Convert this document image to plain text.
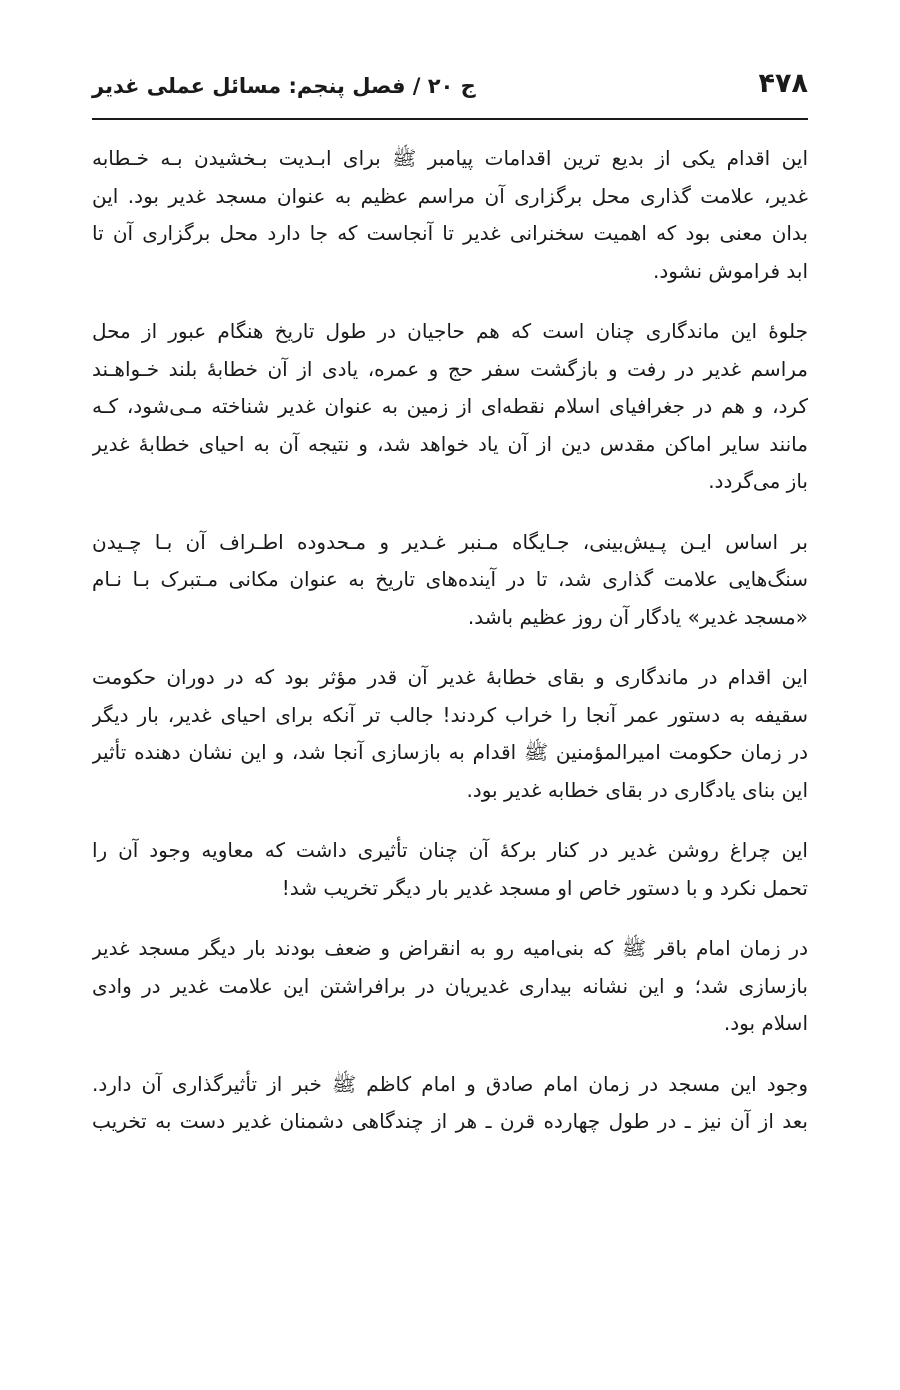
۴۷۸
ج ۲۰ / فصل پنجم: مسائل عملی غدیر
این اقدام یکی از بدیع ترین اقدامات پیامبر ﷺ برای ابـدیت بـخشیدن بـه خـطابه
غدیر، علامت گذاری محل برگزاری آن مراسم عظیم به عنوان مسجد غدیر بود. این
بدان معنی بود که اهمیت سخنرانی غدیر تا آنجاست که جا دارد محل برگزاری آن تا
ابد فراموش نشود.
جلوهٔ این ماندگاری چنان است که هم حاجیان در طول تاریخ هنگام عبور از محل
مراسم غدیر در رفت و بازگشت سفر حج و عمره، یادی از آن خطابهٔ بلند خـواهـند
کرد، و هم در جغرافیای اسلام نقطه‌ای از زمین به عنوان غدیر شناخته مـی‌شود، کـه
مانند سایر اماکن مقدس دین از آن یاد خواهد شد، و نتیجه آن به احیای خطابهٔ غدیر
باز می‌گردد.
بر اساس ایـن پـیش‌بینی، جـایگاه مـنبر غـدیر و مـحدوده اطـراف آن بـا چـیدن
سنگ‌هایی علامت گذاری شد، تا در آینده‌های تاریخ به عنوان مکانی مـتبرک بـا نـام
«مسجد غدیر» یادگار آن روز عظیم باشد.
این اقدام در ماندگاری و بقای خطابهٔ غدیر آن قدر مؤثر بود که در دوران حکومت
سقیفه به دستور عمر آنجا را خراب کردند! جالب تر آنکه برای احیای غدیر، بار دیگر
در زمان حکومت امیرالمؤمنین ﷺ اقدام به بازسازی آنجا شد، و این نشان دهنده تأثیر
این بنای یادگاری در بقای خطابه غدیر بود.
این چراغ روشن غدیر در کنار برکهٔ آن چنان تأثیری داشت که معاویه وجود آن را
تحمل نکرد و با دستور خاص او مسجد غدیر بار دیگر تخریب شد!
در زمان امام باقر ﷺ که بنی‌امیه رو به انقراض و ضعف بودند بار دیگر مسجد غدیر
بازسازی شد؛ و این نشانه بیداری غدیریان در برافراشتن این علامت غدیر در وادی
اسلام بود.
وجود این مسجد در زمان امام صادق و امام کاظم ﷺ خبر از تأثیرگذاری آن دارد.
بعد از آن نیز ـ در طول چهارده قرن ـ هر از چندگاهی دشمنان غدیر دست به تخریب
